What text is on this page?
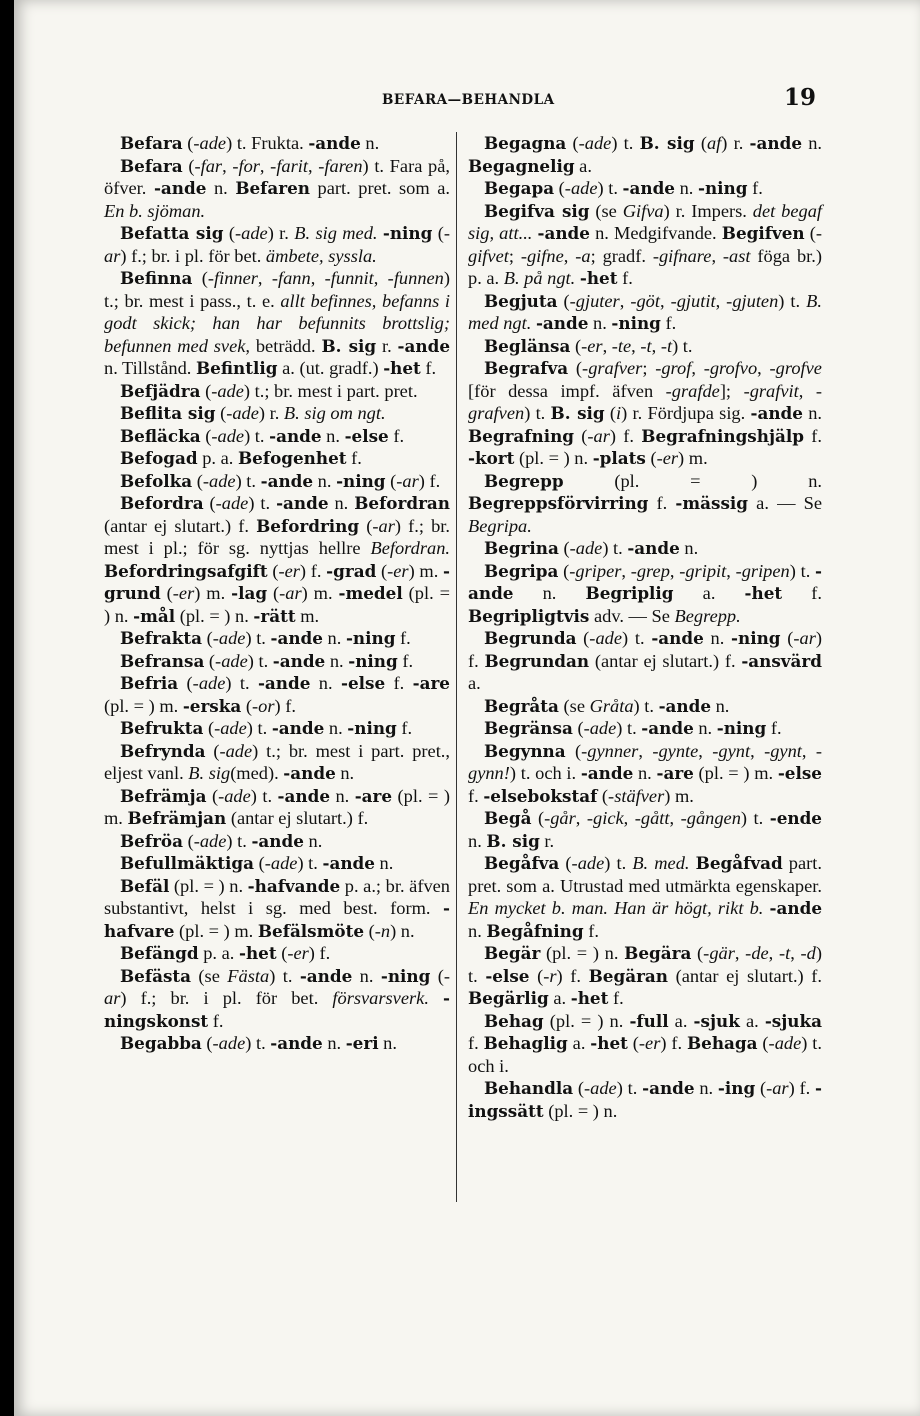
BEFARA—BEHANDLA	19

Befara (-ade) t. Frukta. -ande n.

Befara (-far, -for, -farit, -faren) t. Fara på, öfver. -ande n. Befaren part. pret. som a. En b. sjöman.

Befatta sig (-ade) r. B. sig med. -ning (-ar) f.; br. i pl. för bet. ämbete, syssla.

Befinna (-finner, -fann, -funnit, -funnen) t.; br. mest i pass., t. e. allt befinnes, befanns i godt skick; han har befunnits brottslig; befunnen med svek, beträdd. B. sig r. -ande n. Tillstånd. Befintlig a. (ut. gradf.) -het f.

Befjädra (-ade) t.; br. mest i part. pret.

Beflita sig (-ade) r. B. sig om ngt.

Befläcka (-ade) t. -ande n. -else f.

Befogad p. a. Befogenhet f.

Befolka (-ade) t. -ande n. -ning (-ar) f.

Befordra (-ade) t. -ande n. Befordran (antar ej slutart.) f. Befordring (-ar) f.; br. mest i pl.; för sg. nyttjas hellre Befordran. Befordringsafgift (-er) f. -grad (-er) m. -grund (-er) m. -lag (-ar) m. -medel (pl. = ) n. -mål (pl. = ) n. -rätt m.

Befrakta (-ade) t. -ande n. -ning f.

Befransa (-ade) t. -ande n. -ning f.

Befria (-ade) t. -ande n. -else f. -are (pl. = ) m. -erska (-or) f.

Befrukta (-ade) t. -ande n. -ning f.

Befrynda (-ade) t.; br. mest i part. pret., eljest vanl. B. sig(med). -ande n.

Befrämja (-ade) t. -ande n. -are (pl. = ) m. Befrämjan (antar ej slutart.) f.

Befröa (-ade) t. -ande n.

Befullmäktiga (-ade) t. -ande n.

Befäl (pl. = ) n. -hafvande p. a.; br. äfven substantivt, helst i sg. med best. form. -hafvare (pl. = ) m. Befälsmöte (-n) n.

Befängd p. a. -het (-er) f.

Befästa (se Fästa) t. -ande n. -ning (-ar) f.; br. i pl. för bet. försvarsverk. -ningskonst f.

Begabba (-ade) t. -ande n. -eri n.

Begagna (-ade) t. B. sig (af) r. -ande n. Begagnelig a.

Begapa (-ade) t. -ande n. -ning f.

Begifva sig (se Gifva) r. Impers. det begaf sig, att... -ande n. Medgifvande. Begifven (-gifvet; -gifne, -a; gradf. -gifnare, -ast föga br.) p. a. B. på ngt. -het f.

Begjuta (-gjuter, -göt, -gjutit, -gjuten) t. B. med ngt. -ande n. -ning f.

Beglänsa (-er, -te, -t, -t) t.

Begrafva (-grafver; -grof, -grofvo, -grofve [för dessa impf. äfven -grafde]; -grafvit, -grafven) t. B. sig (i) r. Fördjupa sig. -ande n. Begrafning (-ar) f. Begrafningshjälp f. -kort (pl. = ) n. -plats (-er) m.

Begrepp (pl. = ) n. Begreppsförvirring f. -mässig a. — Se Begripa.

Begrina (-ade) t. -ande n.

Begripa (-griper, -grep, -gripit, -gripen) t. -ande n. Begriplig a. -het f. Begripligtvis adv. — Se Begrepp.

Begrunda (-ade) t. -ande n. -ning (-ar) f. Begrundan (antar ej slutart.) f. -ansvärd a.

Begråta (se Gråta) t. -ande n.

Begränsa (-ade) t. -ande n. -ning f.

Begynna (-gynner, -gynte, -gynt, -gynt, -gynn!) t. och i. -ande n. -are (pl. = ) m. -else f. -elsebokstaf (-stäfver) m.

Begå (-går, -gick, -gått, -gången) t. -ende n. B. sig r.

Begåfva (-ade) t. B. med. Begåfvad part. pret. som a. Utrustad med utmärkta egenskaper. En mycket b. man. Han är högt, rikt b. -ande n. Begåfning f.

Begär (pl. = ) n. Begära (-gär, -de, -t, -d) t. -else (-r) f. Begäran (antar ej slutart.) f. Begärlig a. -het f.

Behag (pl. = ) n. -full a. -sjuk a. -sjuka f. Behaglig a. -het (-er) f. Behaga (-ade) t. och i.

Behandla (-ade) t. -ande n. -ing (-ar) f. -ingssätt (pl. = ) n.
